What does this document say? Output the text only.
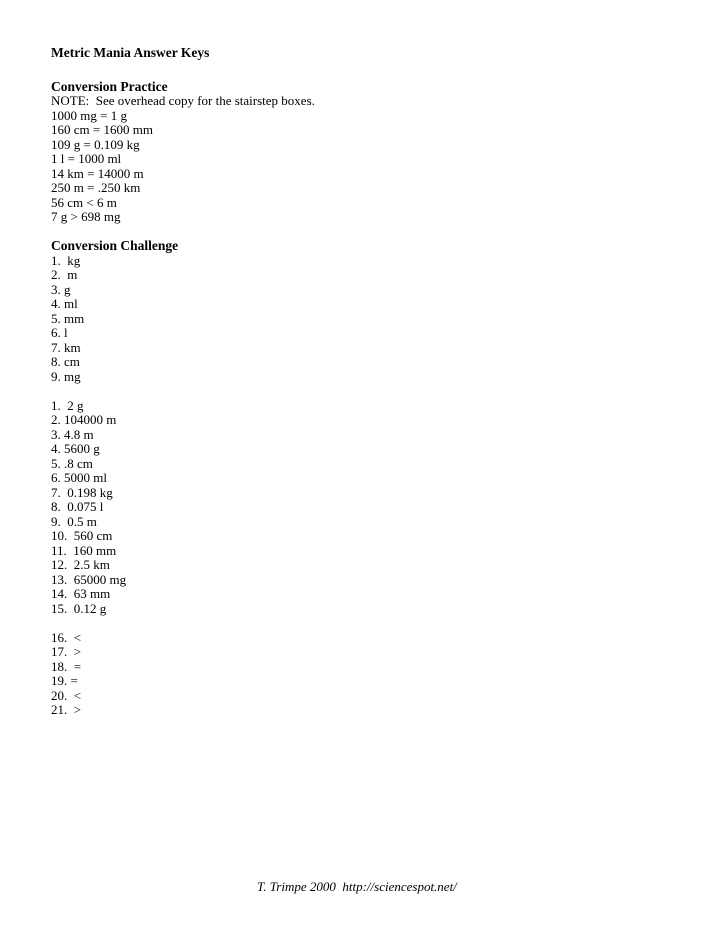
Metric Mania Answer Keys
Conversion Practice
NOTE:  See overhead copy for the stairstep boxes.
1000 mg = 1 g
160 cm = 1600 mm
109 g = 0.109 kg
1 l = 1000 ml
14 km = 14000 m
250 m = .250 km
56 cm < 6 m
7 g > 698 mg
Conversion Challenge
1.  kg
2.  m
3. g
4. ml
5. mm
6. l
7. km
8. cm
9. mg
1.  2 g
2. 104000 m
3. 4.8 m
4. 5600 g
5. .8 cm
6. 5000 ml
7.  0.198 kg
8.  0.075 l
9.  0.5 m
10.  560 cm
11.  160 mm
12.  2.5 km
13.  65000 mg
14.  63 mm
15.  0.12 g
16.  <
17.  >
18.  =
19. =
20.  <
21.  >
T. Trimpe 2000  http://sciencespot.net/
